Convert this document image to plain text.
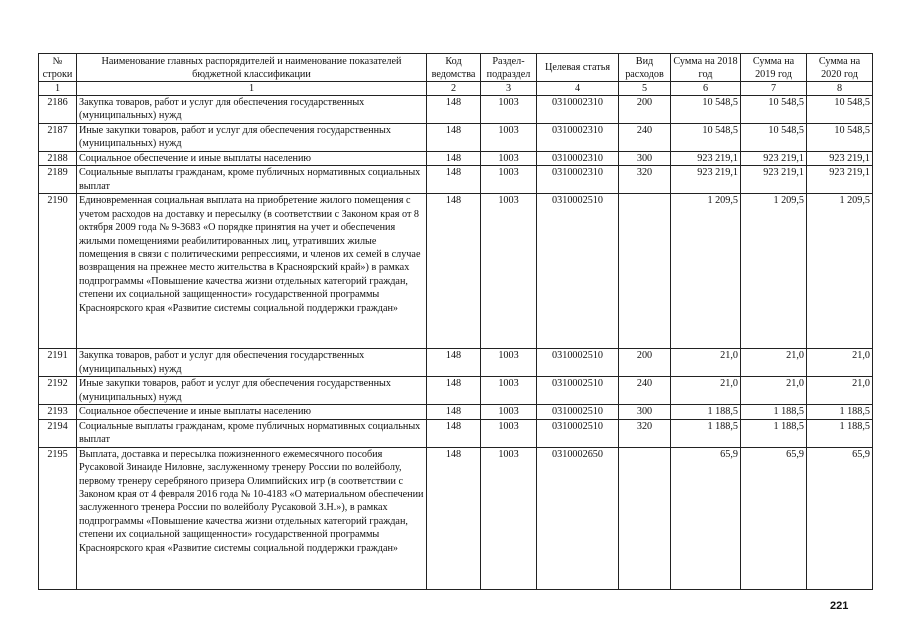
№ строки	Наименование главных распорядителей и наименование показателей бюджетной классификации	Код ведомства	Раздел-подраздел	Целевая статья	Вид расходов	Сумма на 2018 год	Сумма на 2019 год	Сумма на 2020 год
1	1	2	3	4	5	6	7	8
2186	Закупка товаров, работ и услуг для обеспечения государственных (муниципальных) нужд	148	1003	0310002310	200	10 548,5	10 548,5	10 548,5
2187	Иные закупки товаров, работ и услуг для обеспечения государственных (муниципальных) нужд	148	1003	0310002310	240	10 548,5	10 548,5	10 548,5
2188	Социальное обеспечение и иные выплаты населению	148	1003	0310002310	300	923 219,1	923 219,1	923 219,1
2189	Социальные выплаты гражданам, кроме публичных нормативных социальных выплат	148	1003	0310002310	320	923 219,1	923 219,1	923 219,1
2190	Единовременная социальная выплата на приобретение жилого помещения с учетом расходов на доставку и пересылку (в соответствии с Законом края от 8 октября 2009 года № 9-3683 «О порядке принятия на учет и обеспечения жилыми помещениями реабилитированных лиц, утративших жилые помещения в связи с политическими репрессиями, и членов их семей в случае возвращения на прежнее место жительства в Красноярский край») в рамках подпрограммы «Повышение качества жизни отдельных категорий граждан, степени их социальной защищенности» государственной программы Красноярского края «Развитие системы социальной поддержки граждан»	148	1003	0310002510		1 209,5	1 209,5	1 209,5
2191	Закупка товаров, работ и услуг для обеспечения государственных (муниципальных) нужд	148	1003	0310002510	200	21,0	21,0	21,0
2192	Иные закупки товаров, работ и услуг для обеспечения государственных (муниципальных) нужд	148	1003	0310002510	240	21,0	21,0	21,0
2193	Социальное обеспечение и иные выплаты населению	148	1003	0310002510	300	1 188,5	1 188,5	1 188,5
2194	Социальные выплаты гражданам, кроме публичных нормативных социальных выплат	148	1003	0310002510	320	1 188,5	1 188,5	1 188,5
2195	Выплата, доставка и пересылка пожизненного ежемесячного пособия Русаковой Зинаиде Ниловне, заслуженному тренеру России по волейболу, первому тренеру серебряного призера Олимпийских игр (в соответствии с Законом края от 4 февраля 2016 года № 10-4183 «О материальном обеспечении заслуженного тренера России по волейболу Русаковой З.Н.»), в рамках подпрограммы «Повышение качества жизни отдельных категорий граждан, степени их социальной защищенности» государственной программы Красноярского края «Развитие системы социальной поддержки граждан»	148	1003	0310002650		65,9	65,9	65,9
221
